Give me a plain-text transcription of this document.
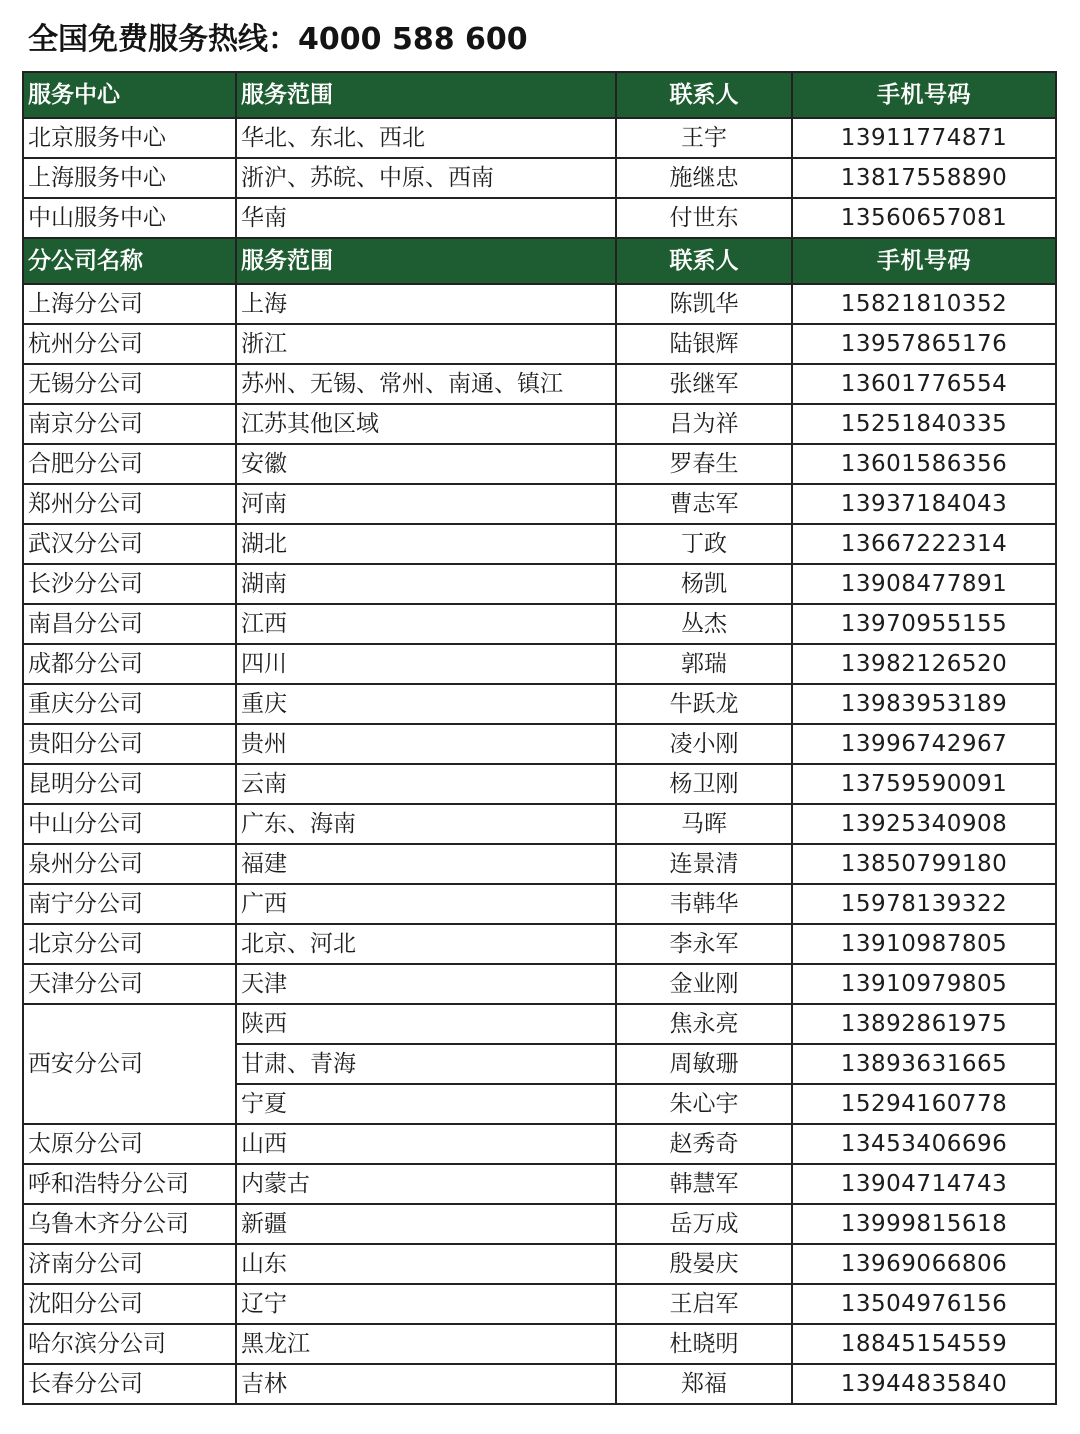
全国免费服务热线：4000 588 600
服务中心	服务范围	联系人	手机号码
北京服务中心	华北、东北、西北	王宇	13911774871
上海服务中心	浙沪、苏皖、中原、西南	施继忠	13817558890
中山服务中心	华南	付世东	13560657081
分公司名称	服务范围	联系人	手机号码
上海分公司	上海	陈凯华	15821810352
杭州分公司	浙江	陆银辉	13957865176
无锡分公司	苏州、无锡、常州、南通、镇江	张继军	13601776554
南京分公司	江苏其他区域	吕为祥	15251840335
合肥分公司	安徽	罗春生	13601586356
郑州分公司	河南	曹志军	13937184043
武汉分公司	湖北	丁政	13667222314
长沙分公司	湖南	杨凯	13908477891
南昌分公司	江西	丛杰	13970955155
成都分公司	四川	郭瑞	13982126520
重庆分公司	重庆	牛跃龙	13983953189
贵阳分公司	贵州	凌小刚	13996742967
昆明分公司	云南	杨卫刚	13759590091
中山分公司	广东、海南	马晖	13925340908
泉州分公司	福建	连景清	13850799180
南宁分公司	广西	韦韩华	15978139322
北京分公司	北京、河北	李永军	13910987805
天津分公司	天津	金业刚	13910979805
西安分公司	陕西	焦永亮	13892861975
	甘肃、青海	周敏珊	13893631665
	宁夏	朱心宇	15294160778
太原分公司	山西	赵秀奇	13453406696
呼和浩特分公司	内蒙古	韩慧军	13904714743
乌鲁木齐分公司	新疆	岳万成	13999815618
济南分公司	山东	殷晏庆	13969066806
沈阳分公司	辽宁	王启军	13504976156
哈尔滨分公司	黑龙江	杜晓明	18845154559
长春分公司	吉林	郑福	13944835840
